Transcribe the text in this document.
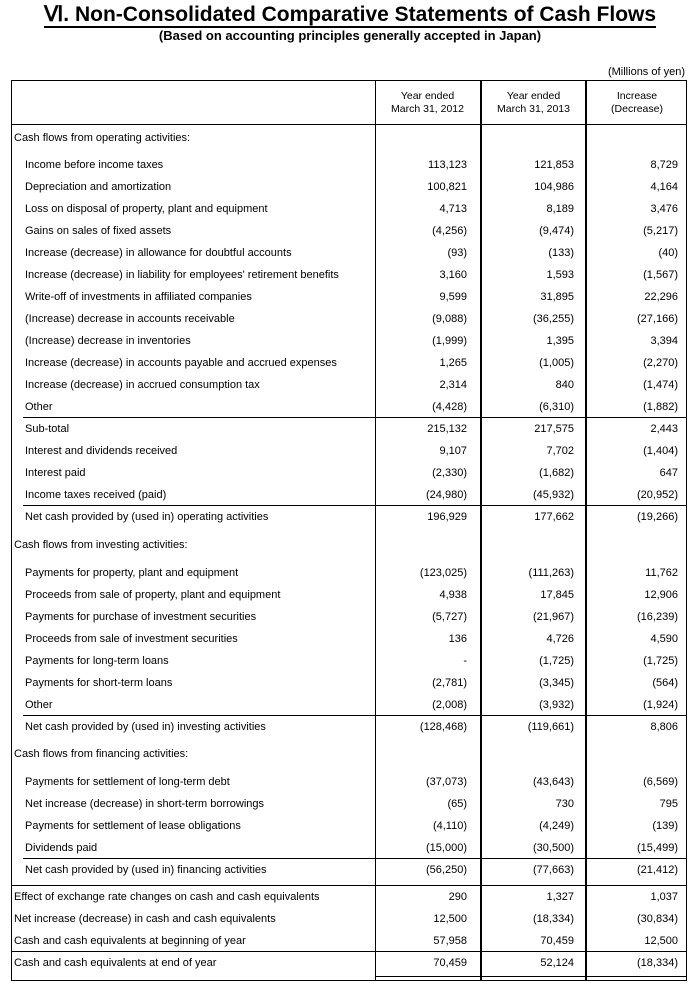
Ⅵ. Non-Consolidated Comparative Statements of Cash Flows
(Based on accounting principles generally accepted in Japan)
(Millions of yen)
Year ended
March 31, 2012
Year ended
March 31, 2013
Increase
(Decrease)
Cash flows from operating activities:
Income before income taxes	113,123	121,853	8,729
Depreciation and amortization	100,821	104,986	4,164
Loss on disposal of property, plant and equipment	4,713	8,189	3,476
Gains on sales of fixed assets	(4,256)	(9,474)	(5,217)
Increase (decrease) in allowance for doubtful accounts	(93)	(133)	(40)
Increase (decrease) in liability for employees' retirement benefits	3,160	1,593	(1,567)
Write-off of investments in affiliated companies	9,599	31,895	22,296
(Increase) decrease in accounts receivable	(9,088)	(36,255)	(27,166)
(Increase) decrease in inventories	(1,999)	1,395	3,394
Increase (decrease) in accounts payable and accrued expenses	1,265	(1,005)	(2,270)
Increase (decrease) in accrued consumption tax	2,314	840	(1,474)
Other	(4,428)	(6,310)	(1,882)
Sub-total	215,132	217,575	2,443
Interest and dividends received	9,107	7,702	(1,404)
Interest paid	(2,330)	(1,682)	647
Income taxes received (paid)	(24,980)	(45,932)	(20,952)
Net cash provided by (used in) operating activities	196,929	177,662	(19,266)
Cash flows from investing activities:
Payments for property, plant and equipment	(123,025)	(111,263)	11,762
Proceeds from sale of property, plant and equipment	4,938	17,845	12,906
Payments for purchase of investment securities	(5,727)	(21,967)	(16,239)
Proceeds from sale of investment securities	136	4,726	4,590
Payments for long-term loans	-	(1,725)	(1,725)
Payments for short-term loans	(2,781)	(3,345)	(564)
Other	(2,008)	(3,932)	(1,924)
Net cash provided by (used in) investing activities	(128,468)	(119,661)	8,806
Cash flows from financing activities:
Payments for settlement of long-term debt	(37,073)	(43,643)	(6,569)
Net increase (decrease) in short-term borrowings	(65)	730	795
Payments for settlement of lease obligations	(4,110)	(4,249)	(139)
Dividends paid	(15,000)	(30,500)	(15,499)
Net cash provided by (used in) financing activities	(56,250)	(77,663)	(21,412)
Effect of exchange rate changes on cash and cash equivalents	290	1,327	1,037
Net increase (decrease) in cash and cash equivalents	12,500	(18,334)	(30,834)
Cash and cash equivalents at beginning of year	57,958	70,459	12,500
Cash and cash equivalents at end of year	70,459	52,124	(18,334)
